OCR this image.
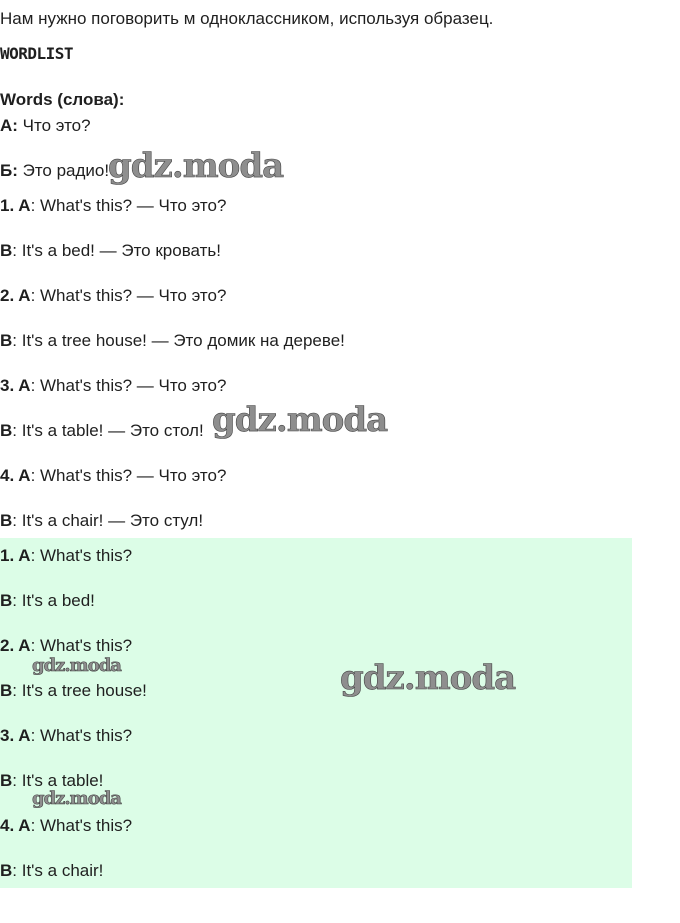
Нам нужно поговорить м одноклассником, используя образец.
WORDLIST
Words (слова):
А: Что это?
Б: Это радио!
1. A: What's this? — Что это?
B: It's a bed! — Это кровать!
2. A: What's this? — Что это?
B: It's a tree house! — Это домик на дереве!
3. A: What's this? — Что это?
B: It's a table! — Это стол!
4. A: What's this? — Что это?
B: It's a chair! — Это стул!
1. A: What's this?
B: It's a bed!
2. A: What's this?
B: It's a tree house!
3. A: What's this?
B: It's a table!
4. A: What's this?
B: It's a chair!
gdz.moda
gdz.moda
gdz.moda
gdz.moda
gdz.moda
